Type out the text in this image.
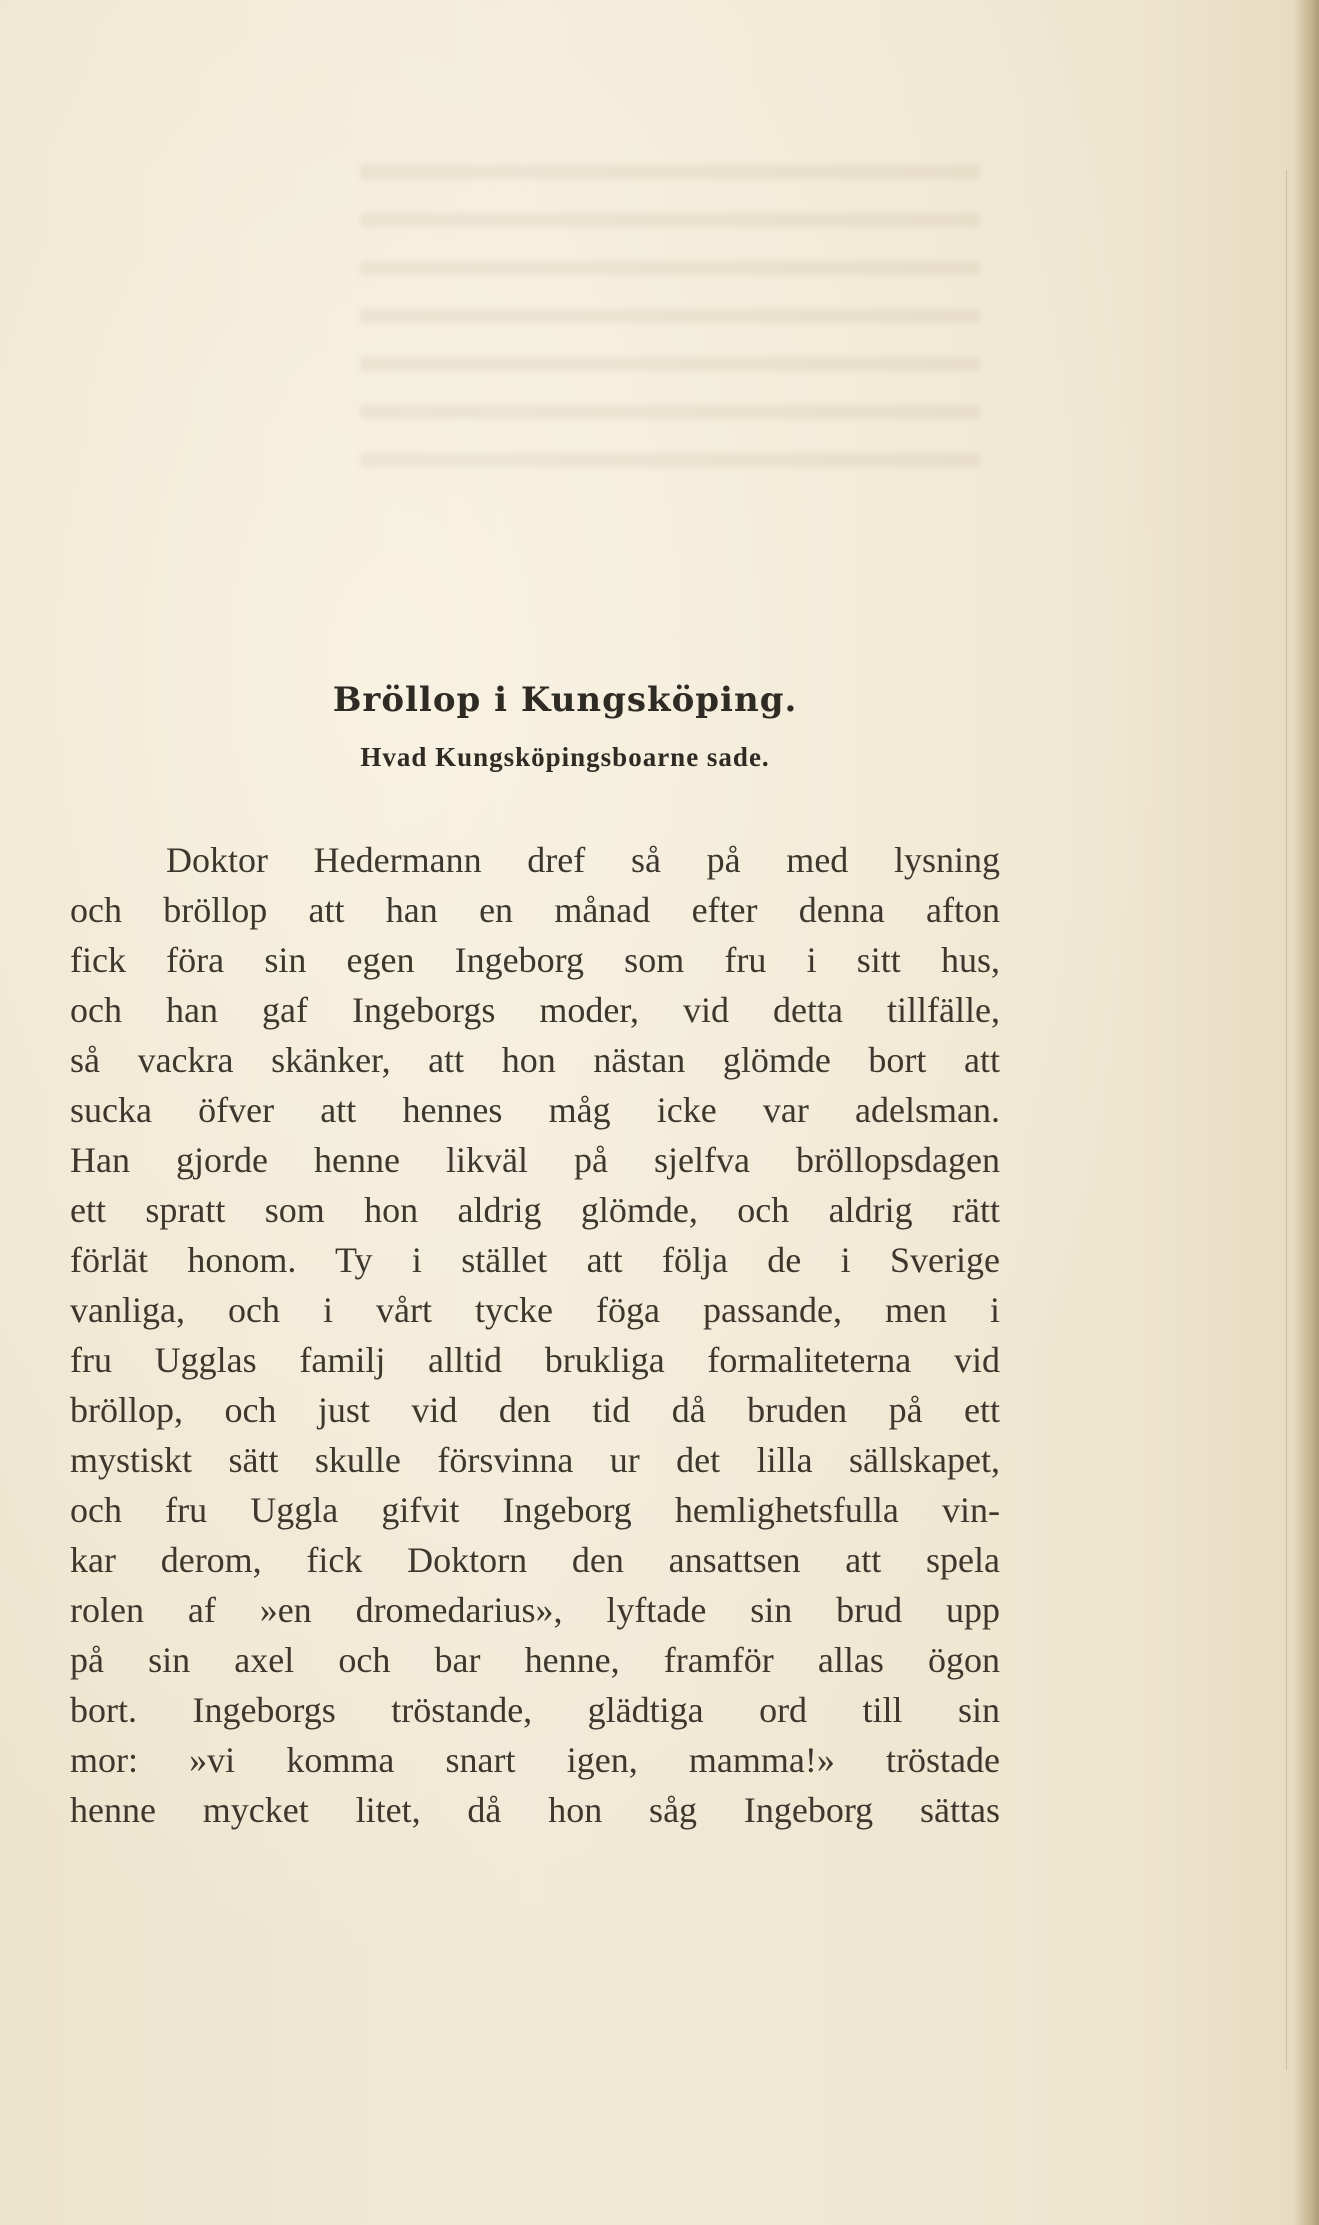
Bröllop i Kungsköping.
Hvad Kungsköpingsboarne sade.
Doktor Hedermann dref så på med lysning
och bröllop att han en månad efter denna afton
fick föra sin egen Ingeborg som fru i sitt hus,
och han gaf Ingeborgs moder, vid detta tillfälle,
så vackra skänker, att hon nästan glömde bort att
sucka öfver att hennes måg icke var adelsman.
Han gjorde henne likväl på sjelfva bröllopsdagen
ett spratt som hon aldrig glömde, och aldrig rätt
förlät honom. Ty i stället att följa de i Sverige
vanliga, och i vårt tycke föga passande, men i
fru Ugglas familj alltid brukliga formaliteterna vid
bröllop, och just vid den tid då bruden på ett
mystiskt sätt skulle försvinna ur det lilla sällskapet,
och fru Uggla gifvit Ingeborg hemlighetsfulla vin-
kar derom, fick Doktorn den ansattsen att spela
rolen af »en dromedarius», lyftade sin brud upp
på sin axel och bar henne, framför allas ögon
bort. Ingeborgs tröstande, glädtiga ord till sin
mor: »vi komma snart igen, mamma!» tröstade
henne mycket litet, då hon såg Ingeborg sättas
